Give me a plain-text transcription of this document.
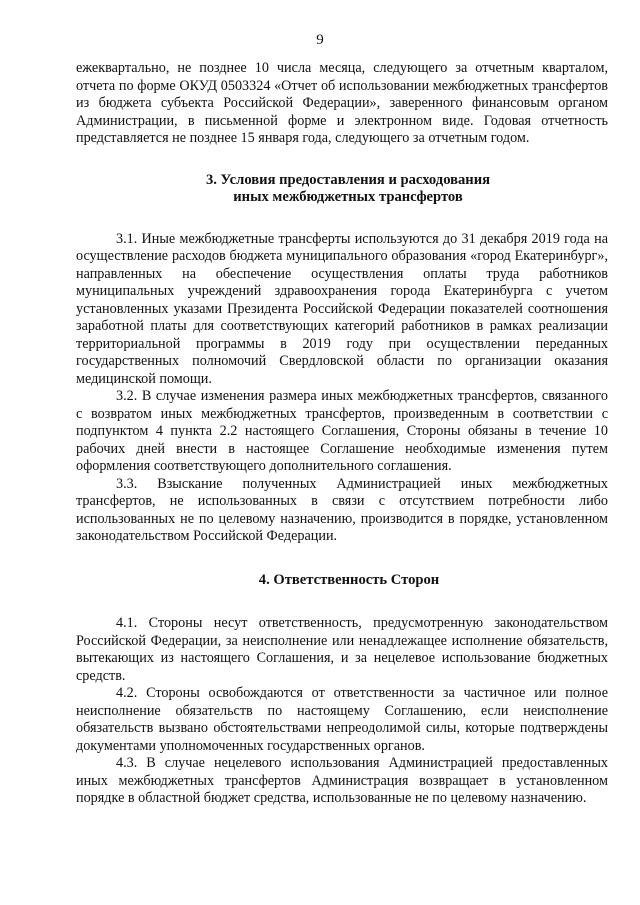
9

ежеквартально, не позднее 10 числа месяца, следующего за отчетным кварталом, отчета по форме ОКУД 0503324 «Отчет об использовании межбюджетных трансфертов из бюджета субъекта Российской Федерации», заверенного финансовым органом Администрации, в письменной форме и электронном виде. Годовая отчетность представляется не позднее 15 января года, следующего за отчетным годом.

3. Условия предоставления и расходования
иных межбюджетных трансфертов

3.1. Иные межбюджетные трансферты используются до 31 декабря 2019 года на осуществление расходов бюджета муниципального образования «город Екатеринбург», направленных на обеспечение осуществления оплаты труда работников муниципальных учреждений здравоохранения города Екатеринбурга с учетом установленных указами Президента Российской Федерации показателей соотношения заработной платы для соответствующих категорий работников в рамках реализации территориальной программы в 2019 году при осуществлении переданных государственных полномочий Свердловской области по организации оказания медицинской помощи.

3.2. В случае изменения размера иных межбюджетных трансфертов, связанного с возвратом иных межбюджетных трансфертов, произведенным в соответствии с подпунктом 4 пункта 2.2 настоящего Соглашения, Стороны обязаны в течение 10 рабочих дней внести в настоящее Соглашение необходимые изменения путем оформления соответствующего дополнительного соглашения.

3.3. Взыскание полученных Администрацией иных межбюджетных трансфертов, не использованных в связи с отсутствием потребности либо использованных не по целевому назначению, производится в порядке, установленном законодательством Российской Федерации.

4. Ответственность Сторон

4.1. Стороны несут ответственность, предусмотренную законодательством Российской Федерации, за неисполнение или ненадлежащее исполнение обязательств, вытекающих из настоящего Соглашения, и за нецелевое использование бюджетных средств.

4.2. Стороны освобождаются от ответственности за частичное или полное неисполнение обязательств по настоящему Соглашению, если неисполнение обязательств вызвано обстоятельствами непреодолимой силы, которые подтверждены документами уполномоченных государственных органов.

4.3. В случае нецелевого использования Администрацией предоставленных иных межбюджетных трансфертов Администрация возвращает в установленном порядке в областной бюджет средства, использованные не по целевому назначению.
